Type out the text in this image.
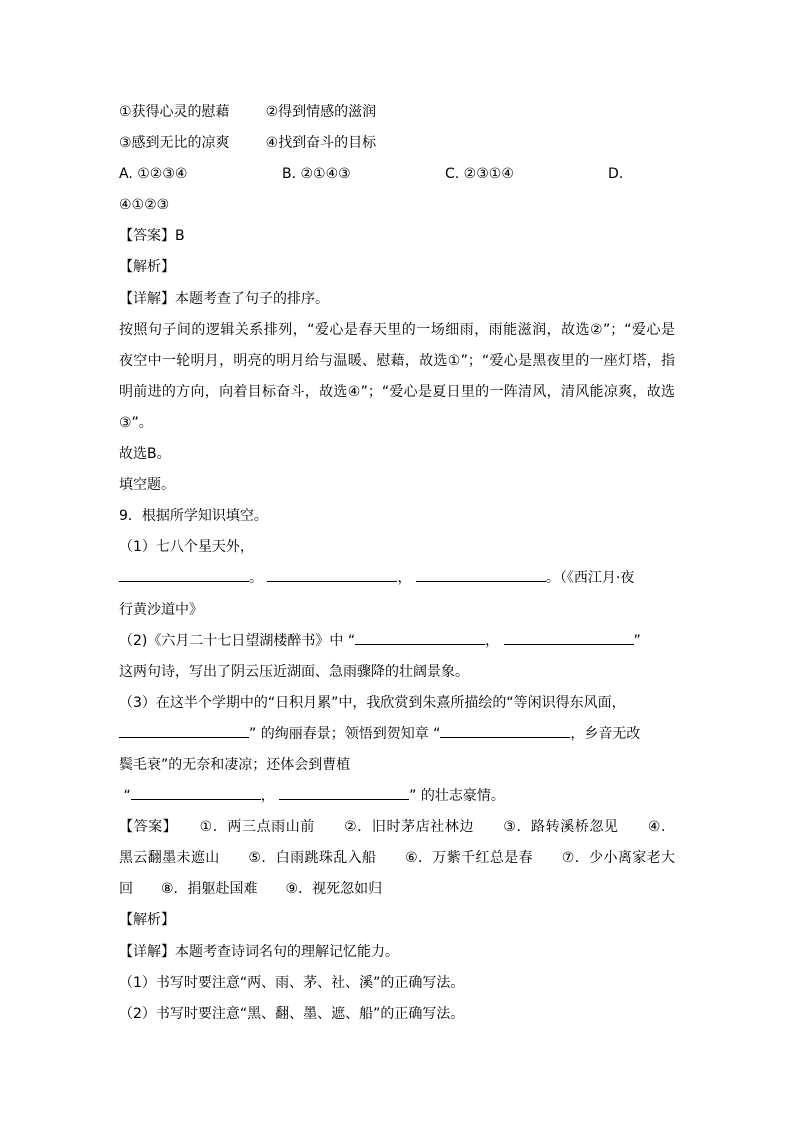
①获得心灵的慰藉	②得到情感的滋润
③感到无比的凉爽	④找到奋斗的目标
A. ①②③④	B. ②①④③	C. ②③①④	D.
④①②③
【答案】B
【解析】
【详解】本题考查了句子的排序。
按照句子间的逻辑关系排列，“爱心是春天里的一场细雨，雨能滋润，故选②”；“爱心是
夜空中一轮明月，明亮的明月给与温暖、慰藉，故选①”；“爱心是黑夜里的一座灯塔，指
明前进的方向，向着目标奋斗，故选④”；“爱心是夏日里的一阵清风，清风能凉爽，故选
③”。
故选B。
填空题。
9．根据所学知识填空。
（1）七八个星天外，
。	，	。（《西江月·夜
行黄沙道中》
（2)《六月二十七日望湖楼醉书》中 “	，	”
这两句诗，写出了阴云压近湖面、急雨骤降的壮阔景象。
（3）在这半个学期中的“日积月累”中，我欣赏到朱熹所描绘的“等闲识得东风面，
” 的绚丽春景；领悟到贺知章 “	，乡音无改
鬓毛衰”的无奈和凄凉；还体会到曹植
“	，	” 的壮志豪情。
【答案】　　①．两三点雨山前　　②．旧时茅店社林边　　③．路转溪桥忽见　　④．
黑云翻墨未遮山　　⑤．白雨跳珠乱入船　　⑥．万紫千红总是春　　⑦．少小离家老大
回　　⑧．捐躯赴国难　　⑨．视死忽如归
【解析】
【详解】本题考查诗词名句的理解记忆能力。
（1）书写时要注意“两、雨、茅、社、溪”的正确写法。
（2）书写时要注意“黑、翻、墨、遮、船”的正确写法。
